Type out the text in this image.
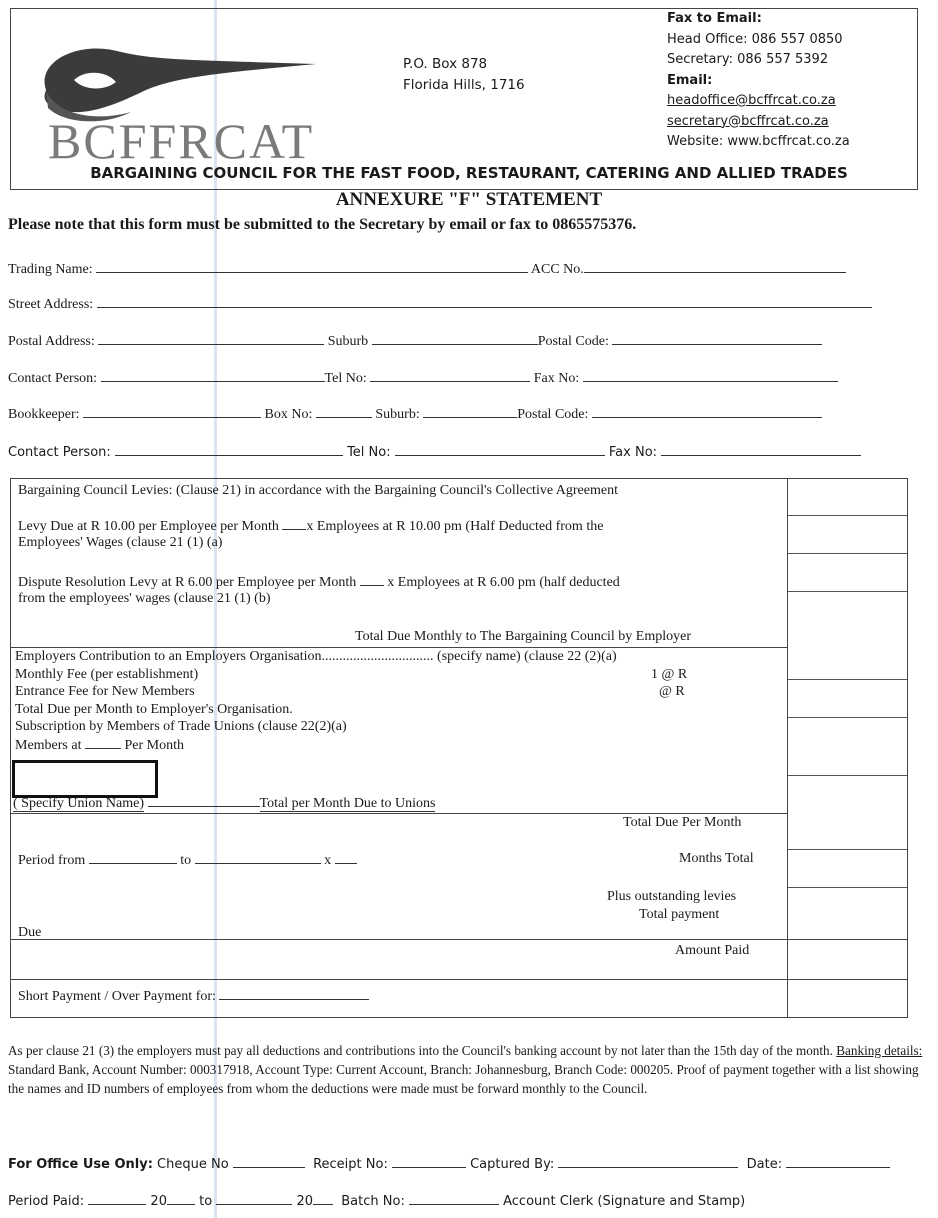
BCFFRCAT
P.O. Box 878
Florida Hills, 1716
Fax to Email:
Head Office: 086 557 0850
Secretary: 086 557 5392
Email:
headoffice@bcffrcat.co.za
secretary@bcffrcat.co.za
Website: www.bcffrcat.co.za
BARGAINING COUNCIL FOR THE FAST FOOD, RESTAURANT, CATERING AND ALLIED TRADES
ANNEXURE "F" STATEMENT
Please note that this form must be submitted to the Secretary by email or fax to 0865575376.
Trading Name:	ACC No.
Street Address:
Postal Address:	Suburb	Postal Code:
Contact Person:	Tel No:	Fax No:
Bookkeeper:	Box No:	Suburb:	Postal Code:
Contact Person:	Tel No:	Fax No:
Bargaining Council Levies: (Clause 21) in accordance with the Bargaining Council's Collective Agreement
Levy Due at R 10.00 per Employee per Month x Employees at R 10.00 pm (Half Deducted from the
Employees' Wages (clause 21 (1) (a)
Dispute Resolution Levy at R 6.00 per Employee per Month  x Employees at R 6.00 pm (half deducted
from the employees' wages (clause 21 (1) (b)
Total Due Monthly to The Bargaining Council by Employer
Employers Contribution to an Employers Organisation................................ (specify name) (clause 22 (2)(a)
Monthly Fee (per establishment)	1 @ R
Entrance Fee for New Members	@ R
Total Due per Month to Employer's Organisation.
Subscription by Members of Trade Unions (clause 22(2)(a)
Members at	Per Month
( Specify Union Name)	Total per Month Due to Unions
Total Due Per Month
Period from	to	x	Months Total
Plus outstanding levies
Total payment
Due
Amount Paid
Short Payment / Over Payment for:
As per clause 21 (3) the employers must pay all deductions and contributions into the Council's banking account by not later than the 15th day of the month. Banking details: Standard Bank, Account Number: 000317918, Account Type: Current Account, Branch: Johannesburg, Branch Code: 000205. Proof of payment together with a list showing the names and ID numbers of employees from whom the deductions were made must be forward monthly to the Council.
For Office Use Only: Cheque No	Receipt No:	Captured By:	Date:
Period Paid:	20 to	20 Batch No:	Account Clerk (Signature and Stamp)
